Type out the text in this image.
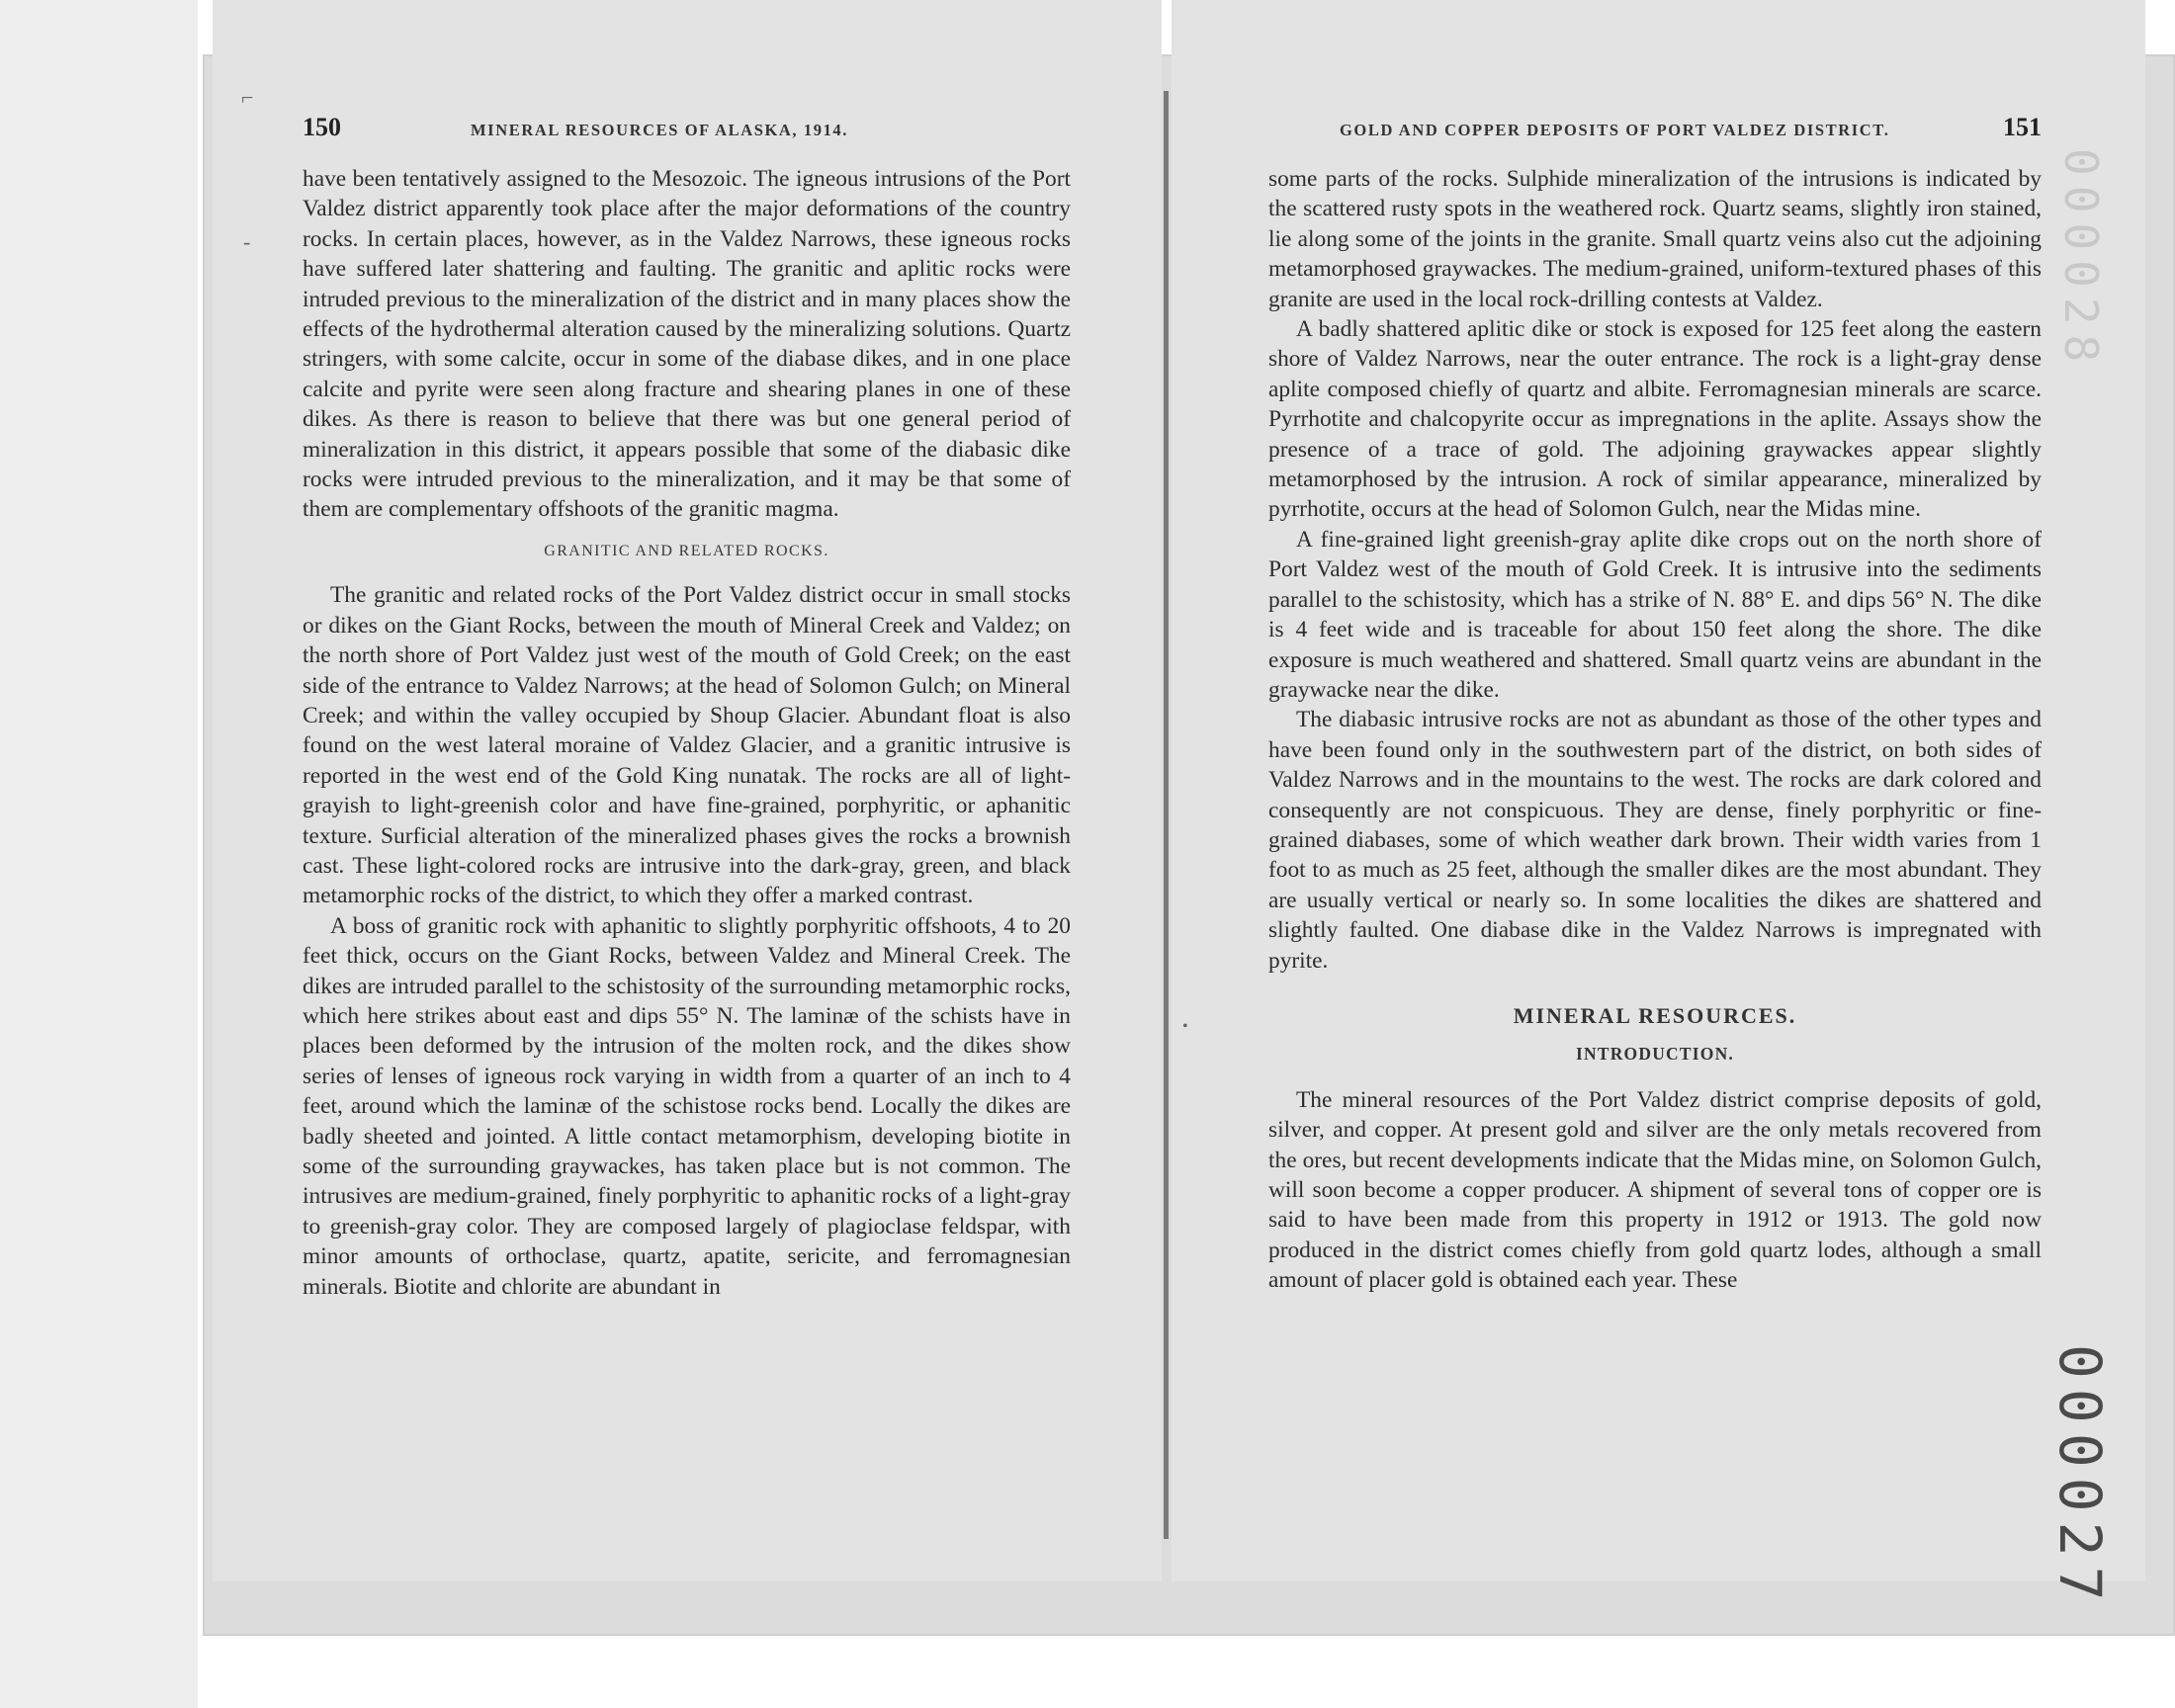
⌐
-
•
150	MINERAL RESOURCES OF ALASKA, 1914.	GOLD AND COPPER DEPOSITS OF PORT VALDEZ DISTRICT.	151

have been tentatively assigned to the Mesozoic. The igneous intrusions of the Port Valdez district apparently took place after the major deformations of the country rocks. In certain places, however, as in the Valdez Narrows, these igneous rocks have suffered later shattering and faulting. The granitic and aplitic rocks were intruded previous to the mineralization of the district and in many places show the effects of the hydrothermal alteration caused by the mineralizing solutions. Quartz stringers, with some calcite, occur in some of the diabase dikes, and in one place calcite and pyrite were seen along fracture and shearing planes in one of these dikes. As there is reason to believe that there was but one general period of mineralization in this district, it appears possible that some of the diabasic dike rocks were intruded previous to the mineralization, and it may be that some of them are complementary offshoots of the granitic magma.

GRANITIC AND RELATED ROCKS.

The granitic and related rocks of the Port Valdez district occur in small stocks or dikes on the Giant Rocks, between the mouth of Mineral Creek and Valdez; on the north shore of Port Valdez just west of the mouth of Gold Creek; on the east side of the entrance to Valdez Narrows; at the head of Solomon Gulch; on Mineral Creek; and within the valley occupied by Shoup Glacier. Abundant float is also found on the west lateral moraine of Valdez Glacier, and a granitic intrusive is reported in the west end of the Gold King nunatak. The rocks are all of light-grayish to light-greenish color and have fine-grained, porphyritic, or aphanitic texture. Surficial alteration of the mineralized phases gives the rocks a brownish cast. These light-colored rocks are intrusive into the dark-gray, green, and black metamorphic rocks of the district, to which they offer a marked contrast.

A boss of granitic rock with aphanitic to slightly porphyritic offshoots, 4 to 20 feet thick, occurs on the Giant Rocks, between Valdez and Mineral Creek. The dikes are intruded parallel to the schistosity of the surrounding metamorphic rocks, which here strikes about east and dips 55° N. The laminæ of the schists have in places been deformed by the intrusion of the molten rock, and the dikes show series of lenses of igneous rock varying in width from a quarter of an inch to 4 feet, around which the laminæ of the schistose rocks bend. Locally the dikes are badly sheeted and jointed. A little contact metamorphism, developing biotite in some of the surrounding graywackes, has taken place but is not common. The intrusives are medium-grained, finely porphyritic to aphanitic rocks of a light-gray to greenish-gray color. They are composed largely of plagioclase feldspar, with minor amounts of orthoclase, quartz, apatite, sericite, and ferromagnesian minerals. Biotite and chlorite are abundant in

some parts of the rocks. Sulphide mineralization of the intrusions is indicated by the scattered rusty spots in the weathered rock. Quartz seams, slightly iron stained, lie along some of the joints in the granite. Small quartz veins also cut the adjoining metamorphosed graywackes. The medium-grained, uniform-textured phases of this granite are used in the local rock-drilling contests at Valdez.

A badly shattered aplitic dike or stock is exposed for 125 feet along the eastern shore of Valdez Narrows, near the outer entrance. The rock is a light-gray dense aplite composed chiefly of quartz and albite. Ferromagnesian minerals are scarce. Pyrrhotite and chalcopyrite occur as impregnations in the aplite. Assays show the presence of a trace of gold. The adjoining graywackes appear slightly metamorphosed by the intrusion. A rock of similar appearance, mineralized by pyrrhotite, occurs at the head of Solomon Gulch, near the Midas mine.

A fine-grained light greenish-gray aplite dike crops out on the north shore of Port Valdez west of the mouth of Gold Creek. It is intrusive into the sediments parallel to the schistosity, which has a strike of N. 88° E. and dips 56° N. The dike is 4 feet wide and is traceable for about 150 feet along the shore. The dike exposure is much weathered and shattered. Small quartz veins are abundant in the graywacke near the dike.

The diabasic intrusive rocks are not as abundant as those of the other types and have been found only in the southwestern part of the district, on both sides of Valdez Narrows and in the mountains to the west. The rocks are dark colored and consequently are not conspicuous. They are dense, finely porphyritic or fine-grained diabases, some of which weather dark brown. Their width varies from 1 foot to as much as 25 feet, although the smaller dikes are the most abundant. They are usually vertical or nearly so. In some localities the dikes are shattered and slightly faulted. One diabase dike in the Valdez Narrows is impregnated with pyrite.

MINERAL RESOURCES.

INTRODUCTION.

The mineral resources of the Port Valdez district comprise deposits of gold, silver, and copper. At present gold and silver are the only metals recovered from the ores, but recent developments indicate that the Midas mine, on Solomon Gulch, will soon become a copper producer. A shipment of several tons of copper ore is said to have been made from this property in 1912 or 1913. The gold now produced in the district comes chiefly from gold quartz lodes, although a small amount of placer gold is obtained each year. These

000028
000027
